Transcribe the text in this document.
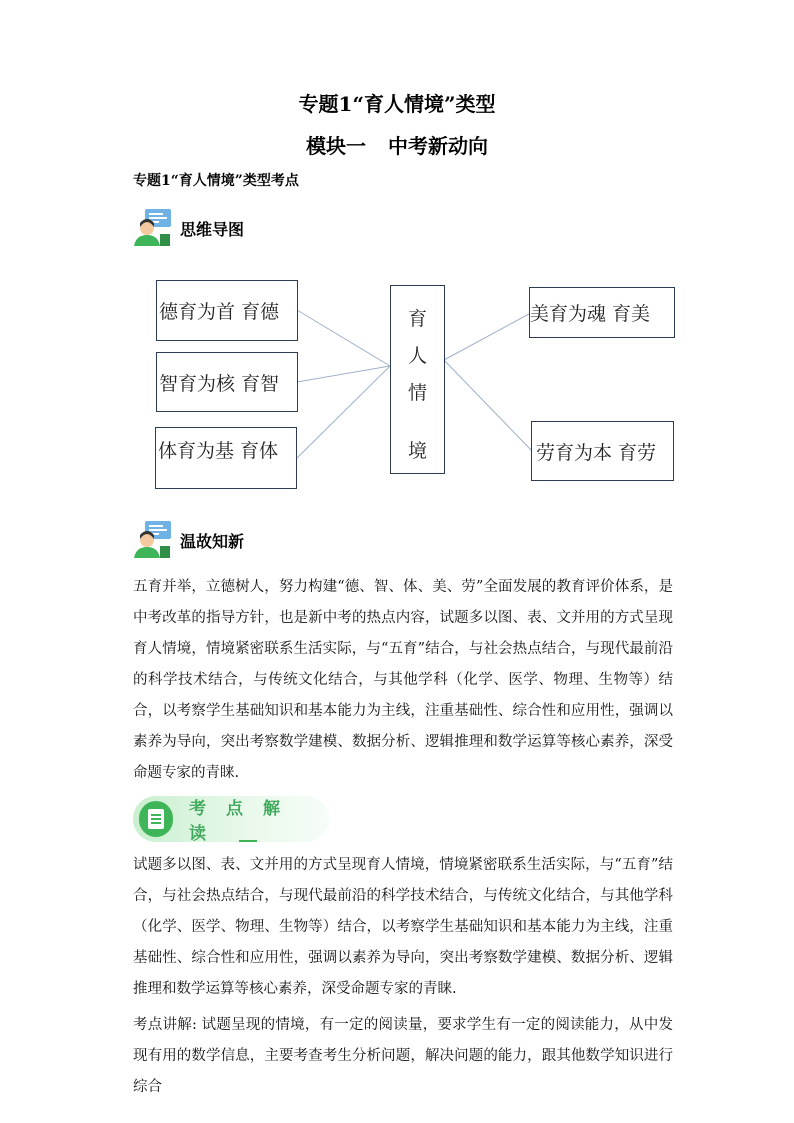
专题1“育人情境”类型
模块一 中考新动向
专题1“育人情境”类型考点
思维导图
德育为首 育德
智育为核 育智
体育为基 育体
育
人
情
境
美育为魂 育美
劳育为本 育劳
温故知新
五育并举，立德树人，努力构建“德、智、体、美、劳”全面发展的教育评价体系，是中考改革的指导方针，也是新中考的热点内容，试题多以图、表、文并用的方式呈现育人情境，情境紧密联系生活实际，与“五育”结合，与社会热点结合，与现代最前沿的科学技术结合，与传统文化结合，与其他学科（化学、医学、物理、生物等）结合，以考察学生基础知识和基本能力为主线，注重基础性、综合性和应用性，强调以素养为导向，突出考察数学建模、数据分析、逻辑推理和数学运算等核心素养，深受命题专家的青睐.
考点解读
试题多以图、表、文并用的方式呈现育人情境，情境紧密联系生活实际，与“五育”结合，与社会热点结合，与现代最前沿的科学技术结合，与传统文化结合，与其他学科（化学、医学、物理、生物等）结合，以考察学生基础知识和基本能力为主线，注重基础性、综合性和应用性，强调以素养为导向，突出考察数学建模、数据分析、逻辑推理和数学运算等核心素养，深受命题专家的青睐.
考点讲解: 试题呈现的情境，有一定的阅读量，要求学生有一定的阅读能力，从中发现有用的数学信息，主要考查考生分析问题，解决问题的能力，跟其他数学知识进行综合
